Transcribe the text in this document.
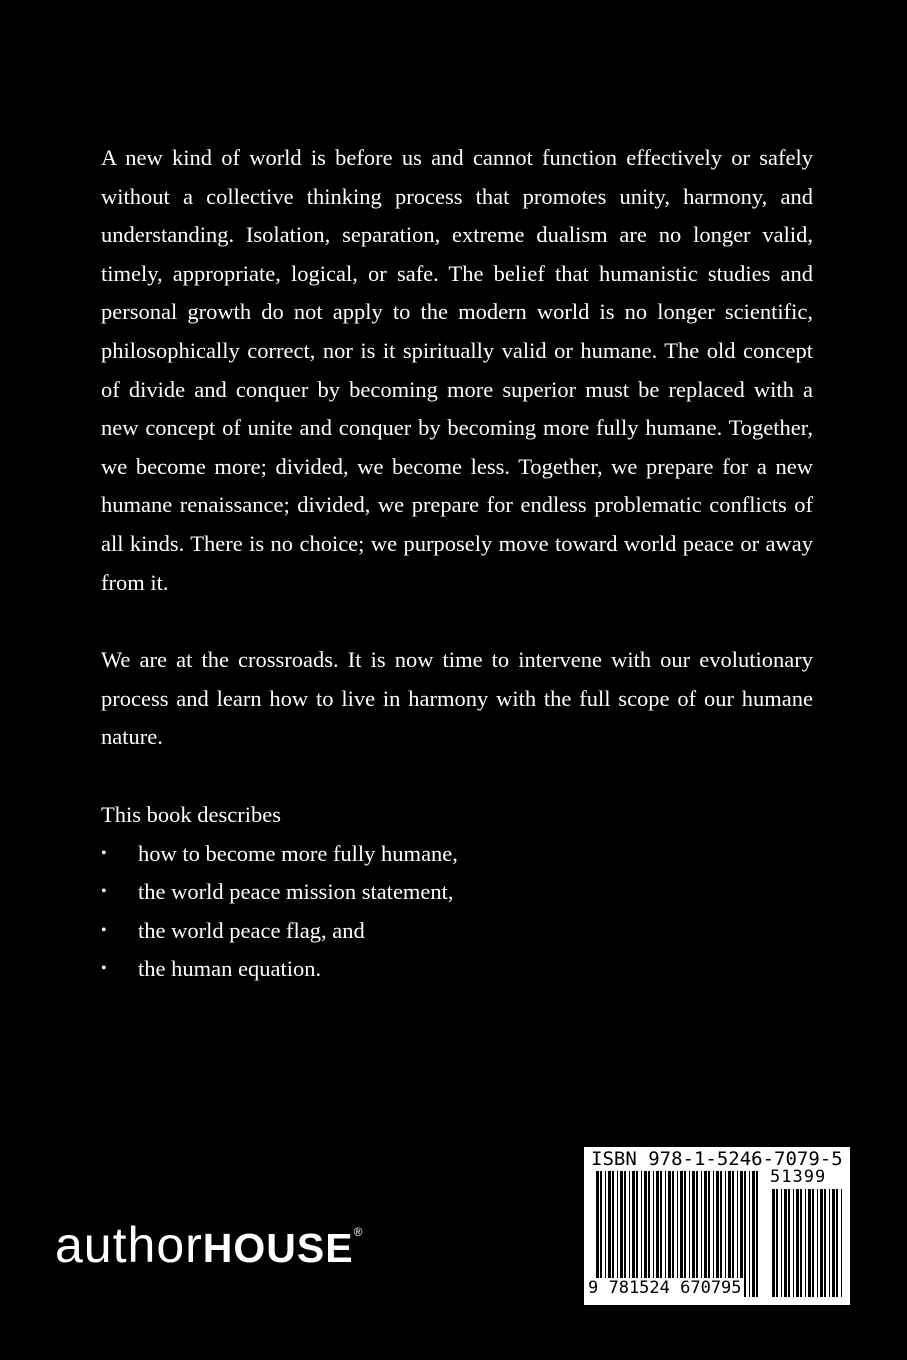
A new kind of world is before us and cannot function effectively or safely without a collective thinking process that promotes unity, harmony, and understanding. Isolation, separation, extreme dualism are no longer valid, timely, appropriate, logical, or safe. The belief that humanistic studies and personal growth do not apply to the modern world is no longer scientific, philosophically correct, nor is it spiritually valid or humane. The old concept of divide and conquer by becoming more superior must be replaced with a new concept of unite and conquer by becoming more fully humane. Together, we become more; divided, we become less. Together, we prepare for a new humane renaissance; divided, we prepare for endless problematic conflicts of all kinds. There is no choice; we purposely move toward world peace or away from it.

We are at the crossroads. It is now time to intervene with our evolutionary process and learn how to live in harmony with the full scope of our humane nature.

This book describes

• how to become more fully humane,
• the world peace mission statement,
• the world peace flag, and
• the human equation.
authorHOUSE®
ISBN 978-1-5246-7079-5
51399
9 781524 670795
